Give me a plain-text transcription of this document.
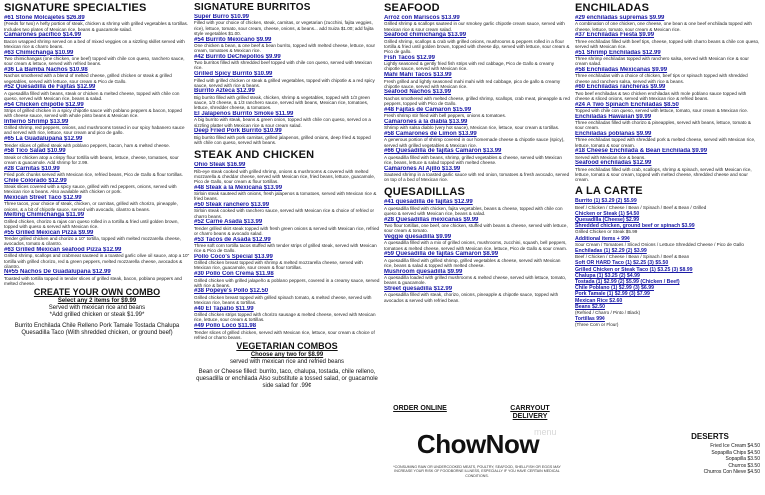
SIGNATURE SPECIALTIES
#61 Stone Molcajetes $26.89
(Feeds for two) A hefty portion of steak, chicken & shrimp with grilled vegetables & tortillas. Includes two plates of Mexican rice, beans & guacamole salad.
Camarones pacifico $14.99
Bacon wrapped shrimp served on a bed of mixed veggies on a sizzling skillet served with Mexican rice & charro beans.
#63 Chimichanga $10.99
Two chimichangas (one chicken, one beef) topped with chile con queso, ranchero sauce, sour cream & lettuce, served with refried beans.
#36 La Bamba Nachos $10.98
Nachos smothered with a blend of melted cheese, grilled chicken or steak & grilled vegetables, served with lettuce, sour cream & Pico de Gallo.
#52 Quesadilla de Fajitas $12.99
A quesadilla filled with beans, steak or chicken & melted cheese, topped with chile con queso, served with Mexican rice, beans & salad.
#54 Chicken chipotle $12.99
Strips of grilled chicken in a spicy chipotle sauce with poblano peppers & bacon, topped with cheese sauce, served with whole pinto beans & Mexican rice.
Infierno Shrimp $13.99
Grilled shrimp, red peppers, onions, and mushrooms tossed in our spicy habanero sauce and served with rice, lettuce, sour cream and pico de gallo.
#65 La Guadalupana $12.99
Tender slices of grilled steak with poblano peppers, bacon, ham & melted cheese.
#58 Tico Salad $10.99
Steak or chicken atop a crispy flour tortilla with beans, lettuce, cheese, tomatoes, sour cream & guacamole. Add shrimp for 2.99.
#28 Carnitas $10.99
Fried pork chunks served with Mexican rice, refried beans, Pico de Gallo & flour tortillas.
Chile Colorado $12.99
Steak slices covered with a spicy sauce, grilled with red peppers, onions, served with Mexican rice & beans. Also available with chicken or pork.
Mexican Street Taco $12.99
Three tacos, your choice of steak, chicken, or carnitas, grilled with chorizo, pineapple, onions, & a bit of chipotle sauce, served with avocado, cilantro & beans.
Melting Chimichanga $11.99
Grilled chicken, chorizo & rajas con queso rolled in a tortilla & fried until golden brown, topped with queso & served with Mexican rice.
#55 Grilled Mexican Pizza $9.99
Tender grilled chicken and chorizo a 10" tortilla, topped with melted mozzarella cheese, avocados, tomato & cilantro.
#63 Grilled Mexican seafood Pizza $12.99
Grilled shrimp, scallops and crabmeat sauteed in a toasted garlic olive oil sauce, atop a 10" tortilla with grilled chorizo, red & green peppers, melted mozzarella cheese, avocados & cilantro.
N#55 Nachos De Guadalupana $12.99
Toasted with tortilla topped in tender slices of grilled steak, bacon, poblano peppers and melted cheese.
CREATE YOUR OWN COMBO
Select any 2 items for $9.99
Served with mexican rice and beans
*Add grilled chicken or steak $1.99*
Burrito Enchilada Chile Relleno Pork Tamale Tostada Chalupa Quesadilla Taco (With shredded chicken, or ground beef)
SIGNATURE BURRITOS
Super Burro $10.99
Filled with your choice of chicken, steak, carnitas, or vegetarian (zucchini, fajita veggies, rice), lettuce, tomato, sour cream, cheese, onions, & beans... add Suiza $1.00; add fajita style vegetables $1.00.
#54 Burrito Mexicano $9.99
One chicken & bean, & one beef & bean burrito, topped with melted cheese, lettuce, sour cream, tomatoes & Mexican rice.
#42 Burrito DeChepollos $9.99
Two burritos filled with shredded beef topped with chile con queso, served with Mexican rice.
Grilled Spicy Burrito $10.99
Filled with grilled chicken or steak & grilled vegetables, topped with chipotle & a red spicy sauce, served with rice & beans.
Burrito Azteca $12.99
Big burrito filled with grilled steak, chicken, shrimp & vegetables, topped with 1/3 green sauce, 1/3 cheese, & 1/3 ranchero sauce, served with beans, Mexican rice, tomatoes, lettuce, shredder cheese, & tomatoes.
El Jalapenos Burrito Smoke $11.99
A big burrito with steak, beans & green onion, topped with chile con queso, served on a sizzling platter with Mexican rice & sour cream salad.
Deep Fried Pork Burrito $10.99
Big burrito filled with pork carnitas, grilled jalapenos, grilled onions, deep fried & topped with chile con queso, served with beans.
STEAK AND CHICKEN
Ohio Steak $16.99
Rib-eye steak cooked with grilled shrimp, onions & mushrooms & covered with melted mozzarella & cheddar cheese, served with Mexican rice, fried beans, lettuce, guacamole, Pico de Gallo, sour cream & flour tortillas.
#48 Steak a la Mexicana $13.99
Sirloin steak sauteed with onions, fresh jalapenos & tomatoes, served with Mexican rice & fried beans.
#50 Steak ranchero $13.99
Sirloin steak cooked with ranchero sauce, served with Mexican rice & choice of refried or charro beans.
#52 Carne Asada $13.99
Tender grilled skirt steak topped with fresh green onions & served with Mexican rice, refried or charro beans & avocado salad.
#53 Tacos de Asada $12.99
Three soft corn tortilla tacos stuffed with tender strips of grilled steak, served with Mexican rice & Pico de Gallo.
Pollo Coco's Special $13.99
Grilled chicken breast topped with shrimp & melted mozzarella cheese, served with Mexican rice, guacamole, sour cream & flour tortillas.
#30 Pollo Con Crema $11.98
Grilled chicken with grilled jalapeño & poblano peppers, covered in a creamy sauce, served with rice & beans.
#38 Popeye's Pollo $12.50
Grilled chicken breast topped with grilled spinach tomato, & melted cheese, served with Mexican rice, beans & tortillas.
#40 El Tapatio $11.99
Grilled chicken strips topped with chorizo sausage & melted cheese, served with Mexican rice, lettuce, sour cream & tortillas.
#49 Pollo Loco $11.98
Tender slices of grilled chicken, served with Mexican rice, lettuce, sour cream & choice of refried or charro beans.
VEGETARIAN COMBOS
Choose any two for $8.99
served with mexican rice and refried beans
Bean or Cheese filled: burrito, taco, chalupa, tostada, chile relleno, quesadilla or enchilada Also substitute a tossed salad, or guacamole side salad for .99¢
SEAFOOD
Arroz con Mariscos $13.99
Grilled shrimp & scallops sauteed in our smokey garlic chipotle cream sauce, served with Mexican rice & sour cream salad.
Seafood chimichanga $13.99
Grilled shrimp, scallops & crab with grilled onions, mushrooms & peppers rolled in a flour tortilla & fried until golden brown, topped with cheese dip, served with lettuce, sour cream & Pico de gallo.
Fish Tacos $12.99
Lightly seasoned & gently fried fish strips with red cabbage, Pico de Gallo & creamy chipotle sauce, served with Mexican rice.
Mahi Mahi Tacos $13.99
Fresh grilled and lightly seasoned mahi mahi with red cabbage, pico de gallo & creamy chipotle sauce, served with Mexican rice.
Seafood Nachos $13.99
Nachos smothered with melted cheese, grilled shrimp, scallops, crab meat, pineapple & red peppers, topped with Pico de Gallo.
#48 Fajitas de Camaron $15.99
Fresh shrimp stir fried with bell peppers, onions & tomatoes.
Camarones a la diabla $13.99
Shrimp with salsa diablo (very hot sauce), Mexican rice, lettuce, sour cream & tortillas.
#58 Camarones de Limon $13.99
A generous portion of shrimp covered in our homemade cheese & chipotle sauce (spicy), served with grilled vegetables & Mexican rice.
#66 Quesadilla de fajitas Camaron $13.99
A quesadilla filled with beans, shrimp, grilled vegetables & cheese, served with Mexican rice, beans, lettuce & salad topped with melted cheese.
Camarones Al Ajillo $13.99
Sauteed shrimp in a toasted garlic sauce with red onion, tomatoes & fresh avocado, served on top of a bed of Mexican rice.
QUESADILLAS
#41 quesadilla de fajitas $12.99
A quesadilla filled with chicken, fajita vegetables, beans & cheese, topped with chile con queso & served with Mexican rice, beans & salad.
#28 Quesadillas mexicanas $9.99
Two flour tortillas, one beef, one chicken, stuffed with beans & cheese, served with lettuce, sour cream & tomato.
Veggie quesadilla $9.99
A quesadilla filled with a mix of grilled onions, mushrooms, zucchini, squash, bell peppers, tomatoes & melted cheese, served with Mexican rice, lettuce, Pico de Gallo & sour cream.
#59 Quesadilla de fajitas Camaron $8.99
A quesadilla filled with grilled shrimp, grilled vegetables & cheese, served with Mexican rice, beans & salad & topped with melted cheese.
Mushroom quesadilla $9.99
A quesadilla loaded with grilled mushrooms & melted cheese, served with lettuce, tomato, beans & guacamole.
Street quesadilla $12.99
A quesadilla filled with steak, chorizo, onions, pineapple & chipotle sauce, topped with avocados & served with refried bean.
ORDER ONLINE	CARRYOUT DELIVERY
menu
ChowNow
*CONSUMING RAW OR UNDERCOOKED MEATS, POULTRY, SEAFOOD, SHELLFISH OR EGGS MAY INCREASE YOUR RISK OF FOODBORNE ILLNESS, ESPECIALLY IF YOU HAVE CERTAIN MEDICAL CONDITIONS.
ENCHILADAS
#29 enchiladas supremas $9.99
A combination of one chicken, one cheese, one bean & one beef enchilada topped with cheese, lettuce, tomato, sour cream & Mexican rice.
#37 Enchiladas Fiesta $9.99
Three enchiladas filled with beef tips, cheese, topped with charro beans & chile con queso, served with Mexican rice.
#51 Shrimp Enchiladas $12.99
Three shrimp enchiladas topped with ranchero salsa, served with Mexican rice & sour cream salad.
#58 Enchiladas Mexicanas $9.99
Three enchiladas with a choice of chicken, beef tips or spinach topped with shredded cheese and ranchero salsa, served with rice & beans.
#60 Enchiladas rancheras $9.99
Two beef enchiladas & two chicken enchiladas with mole poblano sauce topped with cheese & sliced onions, served with Mexican rice & refried beans.
#24 A Two Spinach Enchiladas $8.50
Topped with chile con queso, served with lettuce, tomato, sour cream & Mexican rice.
Enchiladas Hawaiian $9.99
Three enchiladas filled with chorizo & pineapples, served with beans, lettuce, tomato & sour cream.
Enchiladas poblanas $9.99
Three enchiladas topped with shredded pork & melted cheese, served with Mexican rice, lettuce, tomato & sour cream.
#18 Cheese Enchilada & Bean Enchilada $9.99
Served with Mexican rice & beans.
Seafood enchiladas $12.99
Three enchiladas filled with crab, scallops, shrimp & spinach, served with Mexican rice, lettuce, tomato & sour cream, topped with melted cheese, shredded cheese and sour cream.
A LA CARTE
Burrito (1) $3.29 (2) $5.99
Beef / Chicken / Cheese / Bean / Spinach / Beef & Bean / Grilled
Chicken or Steak (1) $4.50
Quesadilla (Cheese) $2.99
Shredded chicken, ground beef or spinach $3.99
Grilled Chicken or Steak $5.99
Additional items + 99¢
Sour Cream / Tomatoes / Sliced Onions / Lettuce Shredded Cheese / Pico de Gallo
Enchiladas (1) $2.29 (2) $3.99
Beef / Chicken / Cheese / Bean / Spinach / Beef & Bean
Soft OR HARD Taco (1) $2.25 (3) $5.50
Grilled Chicken or Steak Taco (1) $3.25 (3) $8.99
Chalupa (1) $3.25 (2) $4.99
Tostada (1) $2.99 (2) $5.99 (Chicken / Beef)
Chile Poblano (1) $2.99 (3) $6.99
Pork Tamale (1) $2.99 (3) $7.99
Mexican Rice $2.60
Beans $2.50
(Refried / Charro / Pinto / Black)
Tortillas 99¢
(Three Corn or Flour)
DESERTS
Fried Ice Cream $4.50
Sopapilla Chips $4.50
Sopapilla $3.50
Churros $3.50
Churros Con Nieve $4.50
